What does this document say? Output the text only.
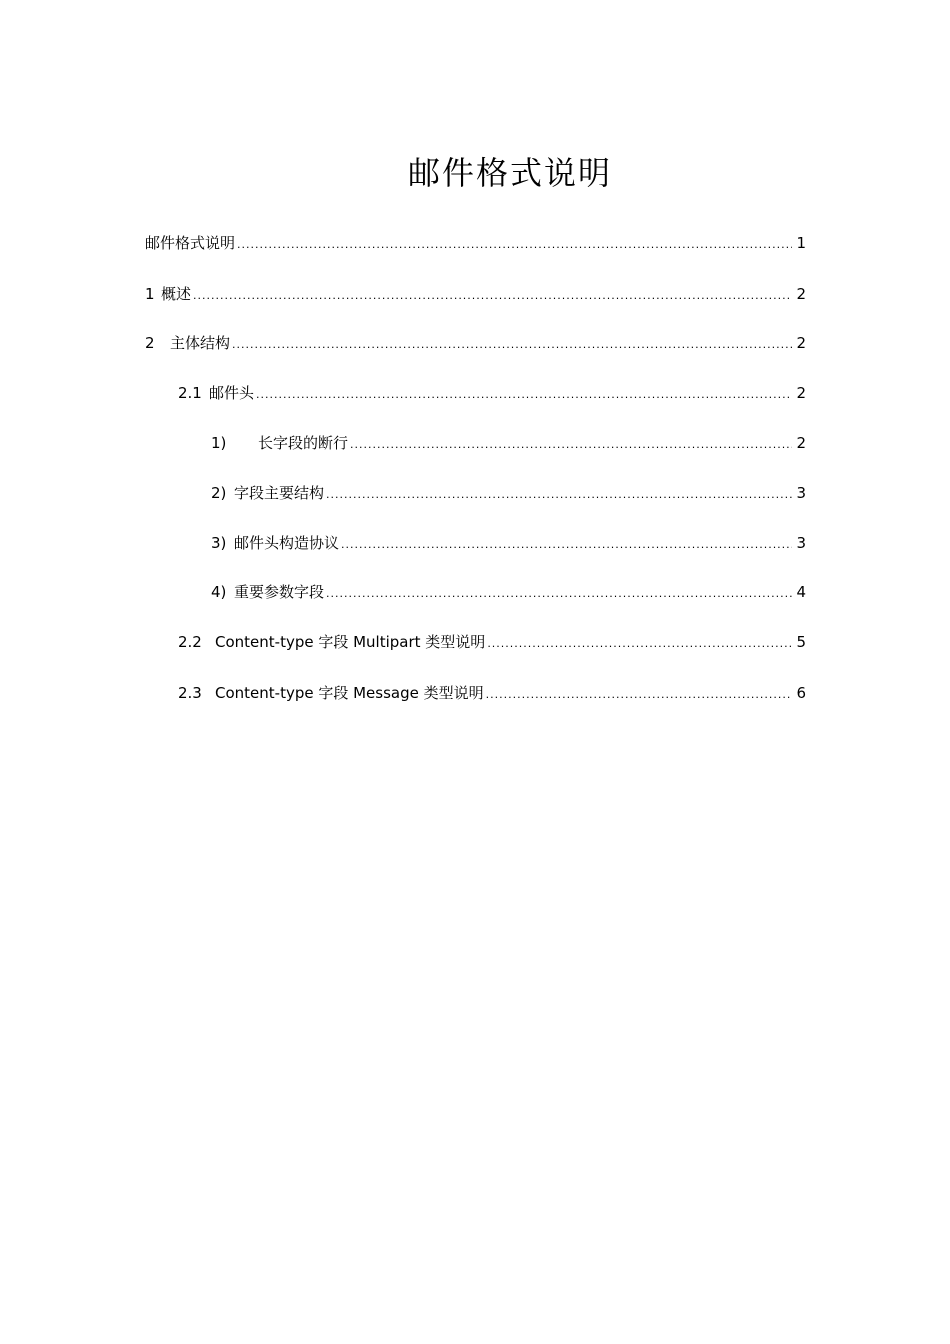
邮件格式说明
邮件格式说明 .....	1
1 概述 .....	2
2	主体结构 .....	2
2.1 邮件头 .....	2
1)	长字段的断行 .....	2
2) 字段主要结构 .....	3
3) 邮件头构造协议 .....	3
4) 重要参数字段 .....	4
2.2 Content-type 字段 Multipart 类型说明 .....	5
2.3 Content-type 字段 Message 类型说明 .....	6
